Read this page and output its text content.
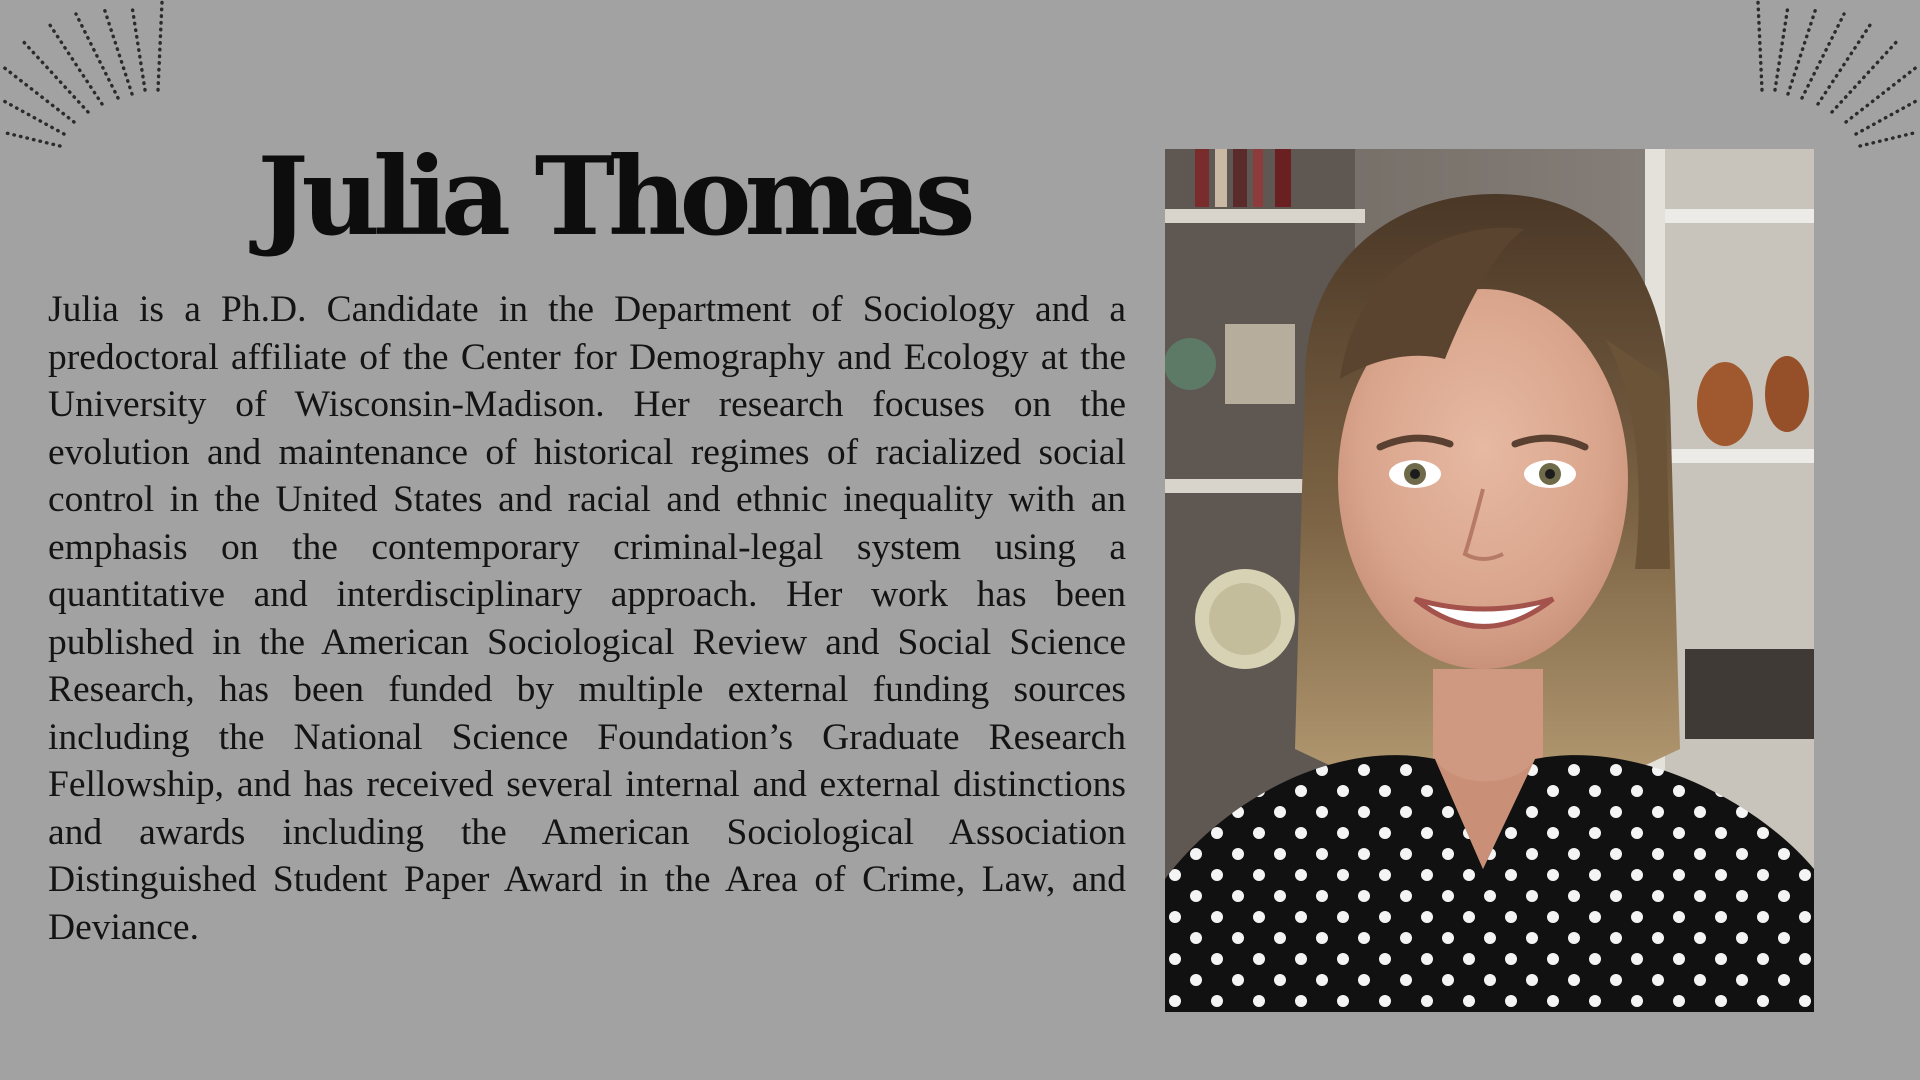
Julia Thomas

Julia is a Ph.D. Candidate in the Department of Sociology and a predoctoral affiliate of the Center for Demography and Ecology at the University of Wisconsin-Madison. Her research focuses on the evolution and maintenance of historical regimes of racialized social control in the United States and racial and ethnic inequality with an emphasis on the contemporary criminal-legal system using a quantitative and interdisciplinary approach. Her work has been published in the American Sociological Review and Social Science Research, has been funded by multiple external funding sources including the National Science Foundation’s Graduate Research Fellowship, and has received several internal and external distinctions and awards including the American Sociological Association Distinguished Student Paper Award in the Area of Crime, Law, and Deviance.
